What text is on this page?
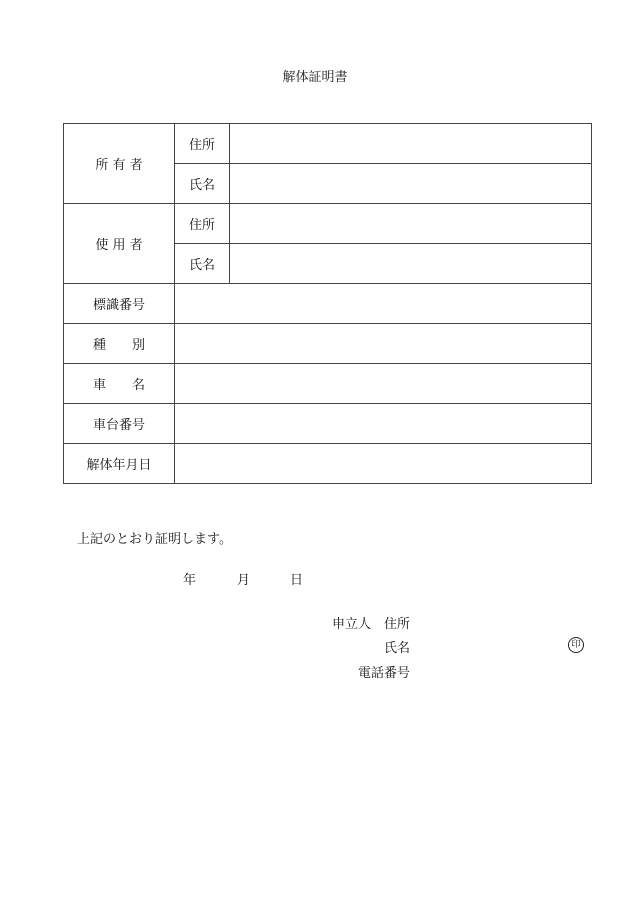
解体証明書
所 有 者	住所	
	氏名	
使 用 者	住所	
	氏名	
標識番号		
種　　別		
車　　名		
車台番号		
解体年月日		
上記のとおり証明します。
年	月	日
申立人　住所
氏名
電話番号
印
